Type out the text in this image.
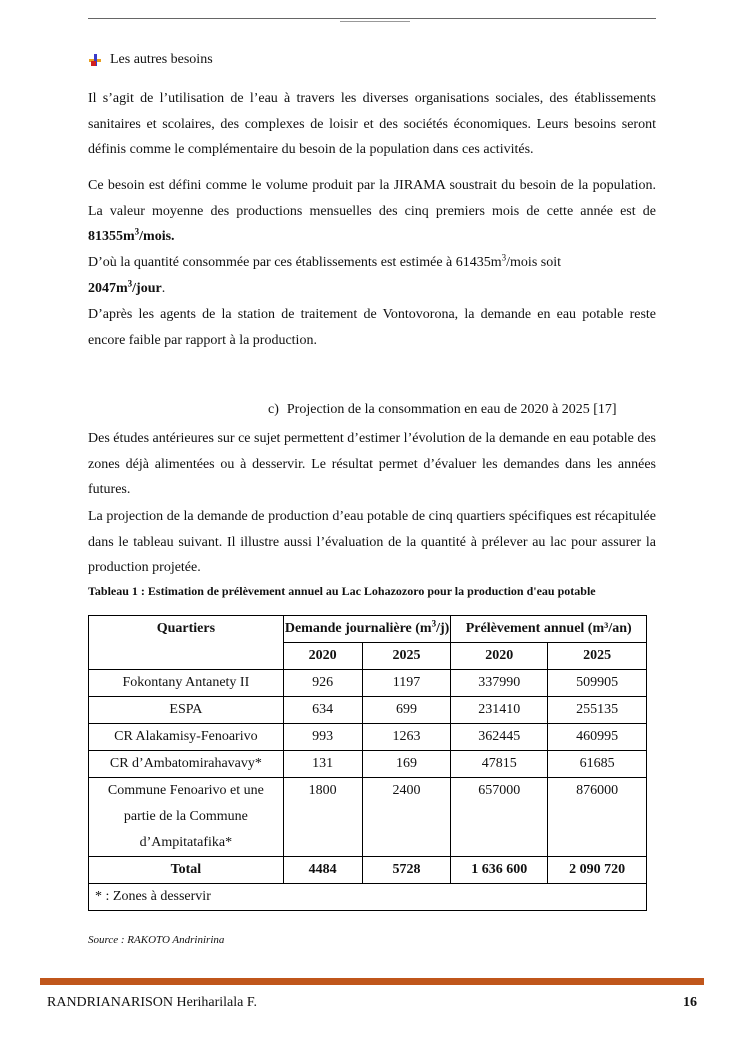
Les autres besoins
Il s’agit de l’utilisation de l’eau à travers les diverses organisations sociales, des établissements sanitaires et scolaires, des complexes de loisir et des sociétés économiques. Leurs besoins seront définis comme le complémentaire du besoin de la population dans ces activités.
Ce besoin est défini comme le volume produit par la JIRAMA soustrait du besoin de la population. La valeur moyenne des productions mensuelles des cinq premiers mois de cette année est de $81355m^3$/mois.
D’où la quantité consommée par ces établissements est estimée à $61435m^3$/mois soit
$2047m^3$/jour.
D’après les agents de la station de traitement de Vontovorona, la demande en eau potable reste encore faible par rapport à la production.
c) Projection de la consommation en eau de 2020 à 2025 [17]
Des études antérieures sur ce sujet permettent d’estimer l’évolution de la demande en eau potable des zones déjà alimentées ou à desservir. Le résultat permet d’évaluer les demandes dans les années futures.
La projection de la demande de production d’eau potable de cinq quartiers spécifiques est récapitulée dans le tableau suivant. Il illustre aussi l’évaluation de la quantité à prélever au lac pour assurer la production projetée.
Tableau 1 : Estimation de prélèvement annuel au Lac Lohazozoro pour la production d'eau potable
Quartiers	Demande journalière $(m^3/j)$		Prélèvement annuel (m³/an)	
	2020	2025	2020	2025
Fokontany Antanety II	926	1197	337990	509905
ESPA	634	699	231410	255135
CR Alakamisy-Fenoarivo	993	1263	362445	460995
CR d’Ambatomirahavavy*	131	169	47815	61685
Commune Fenoarivo et une partie de la Commune d’Ampitatafika*	1800	2400	657000	876000
Total	4484	5728	1 636 600	2 090 720
* : Zones à desservir				
Source : RAKOTO Andrinirina
RANDRIANARISON Heriharilala F.	16
